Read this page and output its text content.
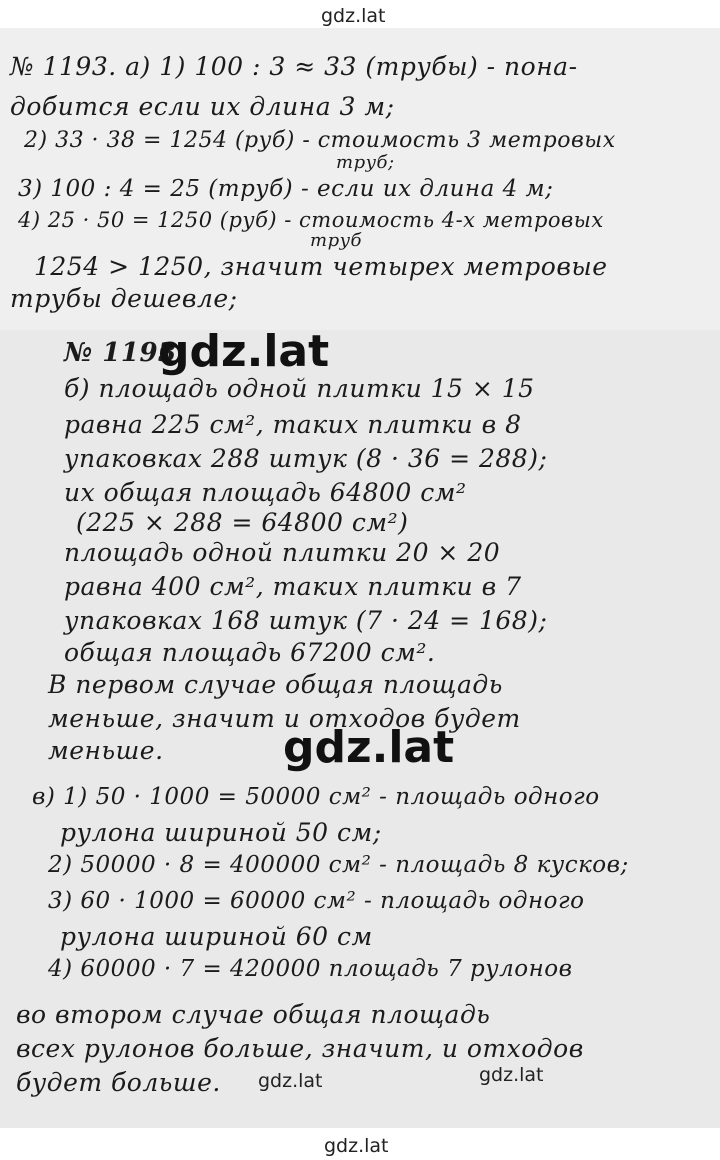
gdz.lat
№ 1193. а) 1) 100 : 3 ≈ 33 (трубы) - пона-
добится если их длина 3 м;
2) 33 · 38 = 1254 (руб) - стоимость 3 метровых
труб;
3) 100 : 4 = 25 (труб) - если их длина 4 м;
4) 25 · 50 = 1250 (руб) - стоимость 4-х метровых
труб
1254 > 1250, значит четырех метровые
трубы дешевле;
№ 1193
б) площадь одной плитки 15 × 15
равна 225 см², таких плитки в 8
упаковках 288 штук (8 · 36 = 288);
их общая площадь 64800 см²
(225 × 288 = 64800 см²)
площадь одной плитки 20 × 20
равна 400 см², таких плитки в 7
упаковках 168 штук (7 · 24 = 168);
общая площадь 67200 см².
В первом случае общая площадь
меньше, значит и отходов будет
меньше.
в) 1) 50 · 1000 = 50000 см² - площадь одного
рулона шириной 50 см;
2) 50000 · 8 = 400000 см² - площадь 8 кусков;
3) 60 · 1000 = 60000 см² - площадь одного
рулона шириной 60 см
4) 60000 · 7 = 420000 площадь 7 рулонов
во втором случае общая площадь
всех рулонов больше, значит, и отходов
будет больше.
gdz.lat
gdz.lat
gdz.lat	gdz.lat
gdz.lat
